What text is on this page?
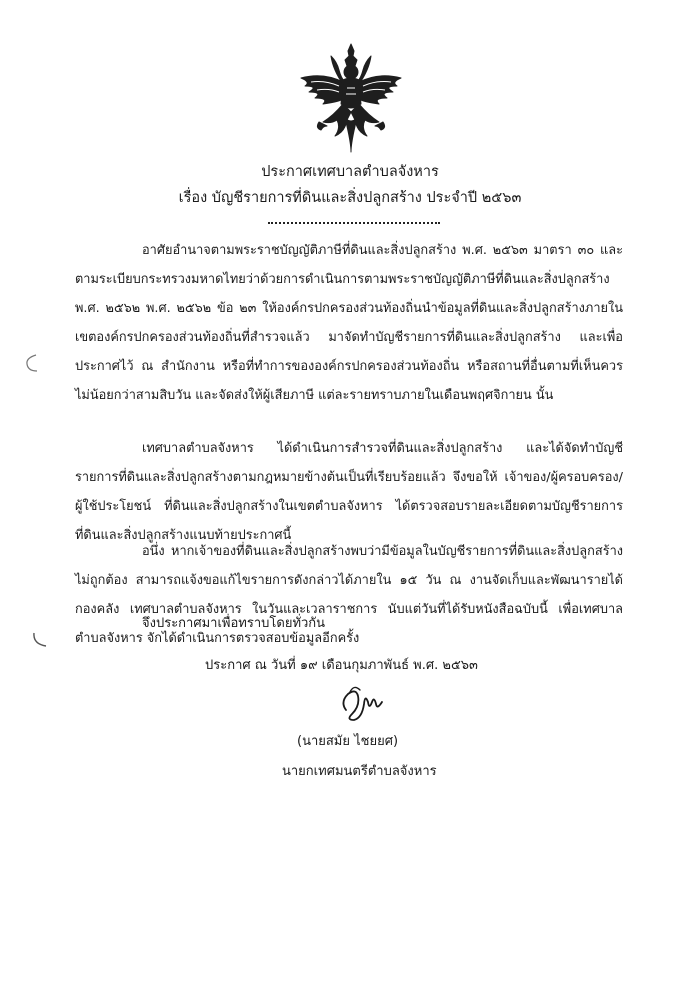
ประกาศเทศบาลตำบลจังหาร
เรื่อง บัญชีรายการที่ดินและสิ่งปลูกสร้าง ประจำปี ๒๕๖๓
อาศัยอำนาจตามพระราชบัญญัติภาษีที่ดินและสิ่งปลูกสร้าง พ.ศ. ๒๕๖๓ มาตรา ๓๐ และตามระเบียบกระทรวงมหาดไทยว่าด้วยการดำเนินการตามพระราชบัญญัติภาษีที่ดินและสิ่งปลูกสร้าง พ.ศ. ๒๕๖๒ พ.ศ. ๒๕๖๒ ข้อ ๒๓ ให้องค์กรปกครองส่วนท้องถิ่นนำข้อมูลที่ดินและสิ่งปลูกสร้างภายในเขตองค์กรปกครองส่วนท้องถิ่นที่สำรวจแล้ว มาจัดทำบัญชีรายการที่ดินและสิ่งปลูกสร้าง และเพื่อประกาศไว้ ณ สำนักงาน หรือที่ทำการขององค์กรปกครองส่วนท้องถิ่น หรือสถานที่อื่นตามที่เห็นควร ไม่น้อยกว่าสามสิบวัน และจัดส่งให้ผู้เสียภาษี แต่ละรายทราบภายในเดือนพฤศจิกายน นั้น
เทศบาลตำบลจังหาร ได้ดำเนินการสำรวจที่ดินและสิ่งปลูกสร้าง และได้จัดทำบัญชีรายการที่ดินและสิ่งปลูกสร้างตามกฎหมายข้างต้นเป็นที่เรียบร้อยแล้ว จึงขอให้ เจ้าของ/ผู้ครอบครอง/ผู้ใช้ประโยชน์ ที่ดินและสิ่งปลูกสร้างในเขตตำบลจังหาร ได้ตรวจสอบรายละเอียดตามบัญชีรายการที่ดินและสิ่งปลูกสร้างแนบท้ายประกาศนี้
อนึ่ง หากเจ้าของที่ดินและสิ่งปลูกสร้างพบว่ามีข้อมูลในบัญชีรายการที่ดินและสิ่งปลูกสร้างไม่ถูกต้อง สามารถแจ้งขอแก้ไขรายการดังกล่าวได้ภายใน ๑๕ วัน ณ งานจัดเก็บและพัฒนารายได้ กองคลัง เทศบาลตำบลจังหาร ในวันและเวลาราชการ นับแต่วันที่ได้รับหนังสือฉบับนี้ เพื่อเทศบาลตำบลจังหาร จักได้ดำเนินการตรวจสอบข้อมูลอีกครั้ง
จึงประกาศมาเพื่อทราบโดยทั่วกัน
ประกาศ ณ วันที่ ๑๙ เดือนกุมภาพันธ์ พ.ศ. ๒๕๖๓
(นายสมัย ไชยยศ)
นายกเทศมนตรีตำบลจังหาร
